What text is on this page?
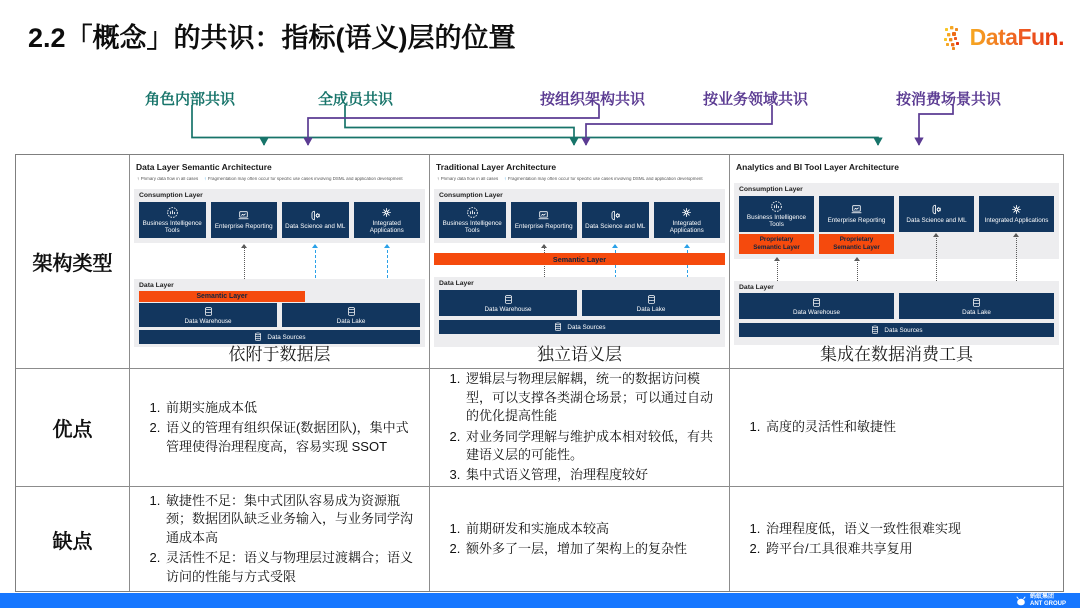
2.2「概念」的共识：指标(语义)层的位置	DataFun.
角色内部共识	全成员共识	按组织架构共识	按业务领域共识	按消费场景共识
架构类型
Data Layer Semantic Architecture
↑Primary data flow in all cases ↑Fragmentation may often occur for specific use cases involving DSML and application development
Consumption Layer
Business Intelligence Tools
Enterprise Reporting	Data Science and ML
Integrated Applications
Data Layer
Semantic Layer
Data Warehouse	Data Lake
Data Sources
依附于数据层
Traditional Layer Architecture
↑Primary data flow in all cases ↑Fragmentation may often occur for specific use cases involving DSML and application development
Consumption Layer
Business Intelligence Tools
Enterprise Reporting	Data Science and ML
Integrated Applications
Semantic Layer
Data Layer
Data Warehouse	Data Lake
Data Sources
独立语义层
Analytics and BI Tool Layer Architecture
Consumption Layer
Business Intelligence Tools
Proprietary Semantic Layer
Enterprise Reporting
Proprietary Semantic Layer
Data Science and ML	Integrated Applications
Data Layer
Data Warehouse	Data Lake
Data Sources
集成在数据消费工具
优点
1. 前期实施成本低
2. 语义的管理有组织保证(数据团队)，集中式管理使得治理程度高，容易实现 SSOT
1. 逻辑层与物理层解耦，统一的数据访问模型，可以支撑各类湖仓场景；可以通过自动的优化提高性能
2. 对业务同学理解与维护成本相对较低，有共建语义层的可能性。
3. 集中式语义管理，治理程度较好
1. 高度的灵活性和敏捷性
缺点
1. 敏捷性不足：集中式团队容易成为资源瓶颈；数据团队缺乏业务输入，与业务同学沟通成本高
2. 灵活性不足：语义与物理层过渡耦合；语义访问的性能与方式受限
1. 前期研发和实施成本较高
2. 额外多了一层，增加了架构上的复杂性
1. 治理程度低，语义一致性很难实现
2. 跨平台/工具很难共享复用
蚂蚁集团
ANT GROUP
